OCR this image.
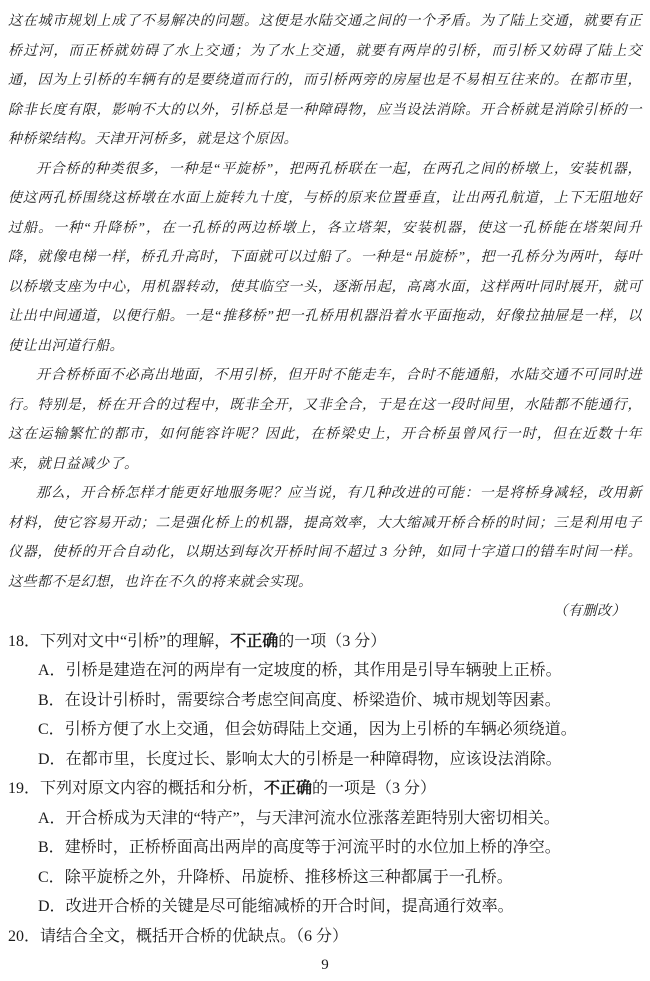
这在城市规划上成了不易解决的问题。这便是水陆交通之间的一个矛盾。为了陆上交通，就要有正桥过河，而正桥就妨碍了水上交通；为了水上交通，就要有两岸的引桥，而引桥又妨碍了陆上交通，因为上引桥的车辆有的是要绕道而行的，而引桥两旁的房屋也是不易相互往来的。在都市里，除非长度有限，影响不大的以外，引桥总是一种障碍物，应当设法消除。开合桥就是消除引桥的一种桥梁结构。天津开河桥多，就是这个原因。

开合桥的种类很多，一种是“平旋桥”，把两孔桥联在一起，在两孔之间的桥墩上，安装机器，使这两孔桥围绕这桥墩在水面上旋转九十度，与桥的原来位置垂直，让出两孔航道，上下无阻地好过船。一种“升降桥”，在一孔桥的两边桥墩上，各立塔架，安装机器，使这一孔桥能在塔架间升降，就像电梯一样，桥孔升高时，下面就可以过船了。一种是“吊旋桥”，把一孔桥分为两叶，每叶以桥墩支座为中心，用机器转动，使其临空一头，逐渐吊起，高离水面，这样两叶同时展开，就可让出中间通道，以便行船。一是“推移桥”把一孔桥用机器沿着水平面拖动，好像拉抽屉是一样，以使让出河道行船。

开合桥桥面不必高出地面，不用引桥，但开时不能走车，合时不能通船，水陆交通不可同时进行。特别是，桥在开合的过程中，既非全开，又非全合，于是在这一段时间里，水陆都不能通行，这在运输繁忙的都市，如何能容许呢？因此，在桥梁史上，开合桥虽曾风行一时，但在近数十年来，就日益减少了。

那么，开合桥怎样才能更好地服务呢？应当说，有几种改进的可能：一是将桥身减轻，改用新材料，使它容易开动；二是强化桥上的机器，提高效率，大大缩减开桥合桥的时间；三是利用电子仪器，使桥的开合自动化，以期达到每次开桥时间不超过 3 分钟，如同十字道口的错车时间一样。这些都不是幻想，也许在不久的将来就会实现。

（有删改）

18．下列对文中“引桥”的理解，不正确的一项（3 分）

A．引桥是建造在河的两岸有一定坡度的桥，其作用是引导车辆驶上正桥。

B．在设计引桥时，需要综合考虑空间高度、桥梁造价、城市规划等因素。

C．引桥方便了水上交通，但会妨碍陆上交通，因为上引桥的车辆必须绕道。

D．在都市里，长度过长、影响太大的引桥是一种障碍物，应该设法消除。

19．下列对原文内容的概括和分析，不正确的一项是（3 分）

A．开合桥成为天津的“特产”，与天津河流水位涨落差距特别大密切相关。

B．建桥时，正桥桥面高出两岸的高度等于河流平时的水位加上桥的净空。

C．除平旋桥之外，升降桥、吊旋桥、推移桥这三种都属于一孔桥。

D．改进开合桥的关键是尽可能缩减桥的开合时间，提高通行效率。

20．请结合全文，概括开合桥的优缺点。（6 分）

9
